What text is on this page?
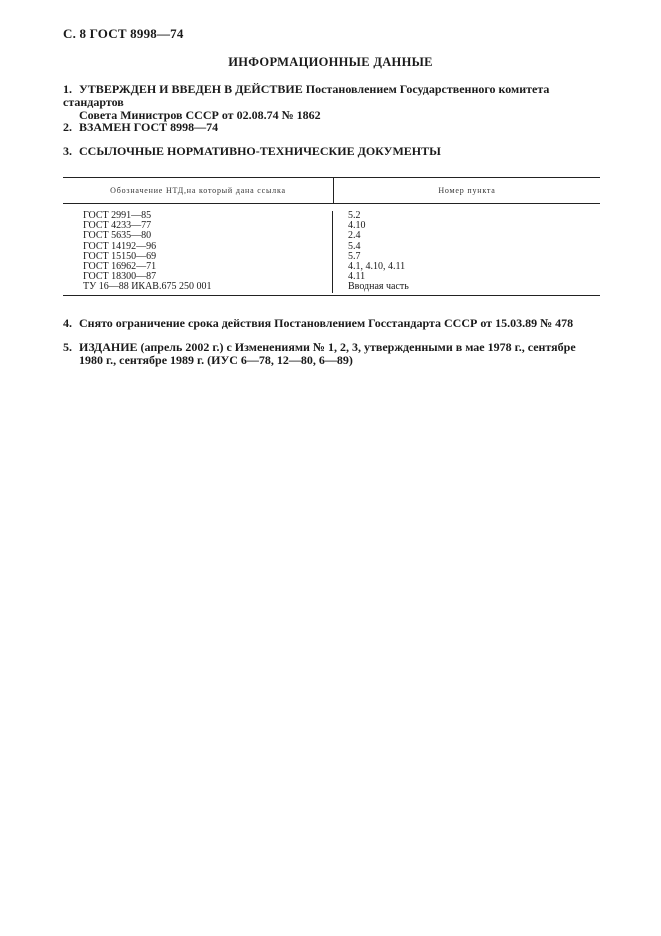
С. 8 ГОСТ 8998—74
ИНФОРМАЦИОННЫЕ ДАННЫЕ
1. УТВЕРЖДЕН И ВВЕДЕН В ДЕЙСТВИЕ Постановлением Государственного комитета стандартов
Совета Министров СССР от 02.08.74 № 1862
2. ВЗАМЕН ГОСТ 8998—74
3. ССЫЛОЧНЫЕ НОРМАТИВНО-ТЕХНИЧЕСКИЕ ДОКУМЕНТЫ
Обозначение НТД,на который дана ссылка	Номер пункта
ГОСТ 2991—85
ГОСТ 4233—77
ГОСТ 5635—80
ГОСТ 14192—96
ГОСТ 15150—69
ГОСТ 16962—71
ГОСТ 18300—87
ТУ 16—88 ИКАВ.675 250 001
5.2
4.10
2.4
5.4
5.7
4.1, 4.10, 4.11
4.11
Вводная часть
4. Снято ограничение срока действия Постановлением Госстандарта СССР от 15.03.89 № 478
5. ИЗДАНИЕ (апрель 2002 г.) с Изменениями № 1, 2, 3, утвержденными в мае 1978 г., сентябре
1980 г., сентябре 1989 г. (ИУС 6—78, 12—80, 6—89)
